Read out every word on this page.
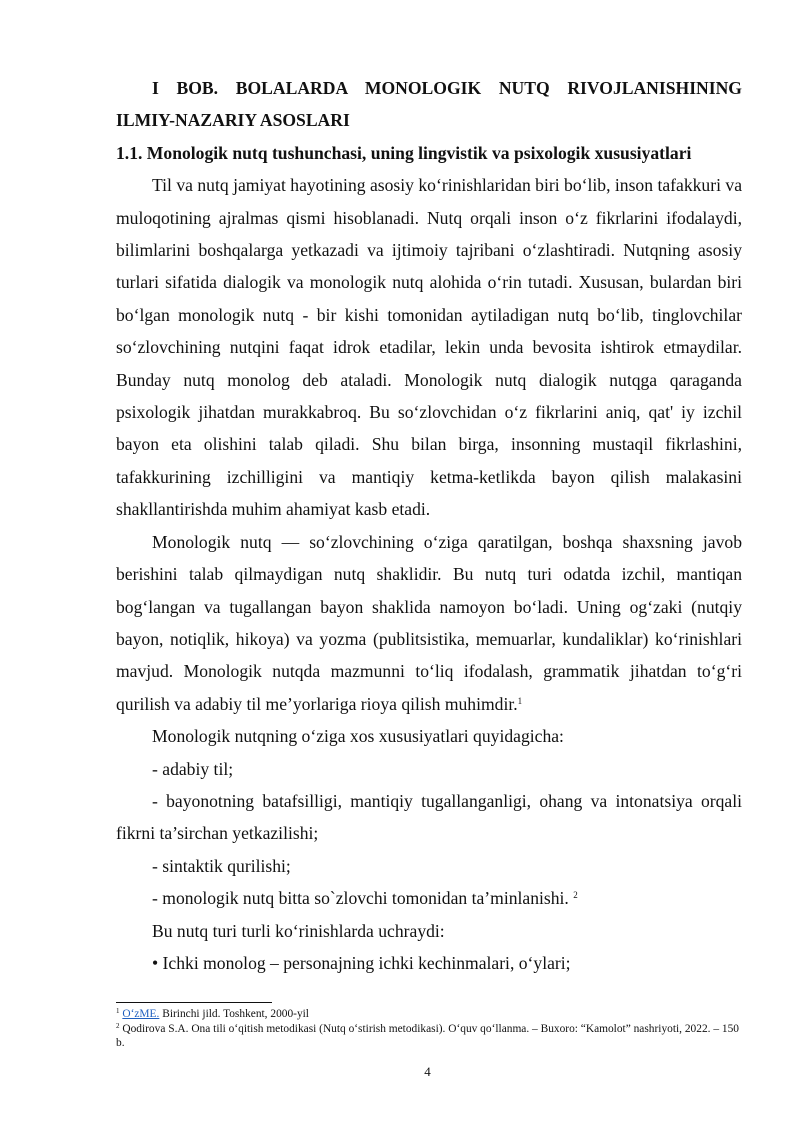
I BOB. BOLALARDA MONOLOGIK NUTQ RIVOJLANISHINING

ILMIY-NAZARIY ASOSLARI

1.1. Monologik nutq tushunchasi, uning lingvistik va psixologik xususiyatlari

Til va nutq jamiyat hayotining asosiy ko‘rinishlaridan biri bo‘lib, inson tafakkuri va muloqotining ajralmas qismi hisoblanadi. Nutq orqali inson o‘z fikrlarini ifodalaydi, bilimlarini boshqalarga yetkazadi va ijtimoiy tajribani o‘zlashtiradi. Nutqning asosiy turlari sifatida dialogik va monologik nutq alohida o‘rin tutadi. Xususan, bulardan biri bo‘lgan monologik nutq - bir kishi tomonidan aytiladigan nutq bo‘lib, tinglovchilar so‘zlovchining nutqini faqat idrok etadilar, lekin unda bevosita ishtirok etmaydilar. Bunday nutq monolog deb ataladi. Monologik nutq dialogik nutqga qaraganda psixologik jihatdan murakkabroq. Bu so‘zlovchidan o‘z fikrlarini aniq, qat' iy izchil bayon eta olishini talab qiladi. Shu bilan birga, insonning mustaqil fikrlashini, tafakkurining izchilligini va mantiqiy ketma-ketlikda bayon qilish malakasini shakllantirishda muhim ahamiyat kasb etadi.

Monologik nutq — so‘zlovchining o‘ziga qaratilgan, boshqa shaxsning javob berishini talab qilmaydigan nutq shaklidir. Bu nutq turi odatda izchil, mantiqan bog‘langan va tugallangan bayon shaklida namoyon bo‘ladi. Uning og‘zaki (nutqiy bayon, notiqlik, hikoya) va yozma (publitsistika, memuarlar, kundaliklar) ko‘rinishlari mavjud. Monologik nutqda mazmunni to‘liq ifodalash, grammatik jihatdan to‘g‘ri qurilish va adabiy til me’yorlariga rioya qilish muhimdir.$^1$

Monologik nutqning o‘ziga xos xususiyatlari quyidagicha:

- adabiy til;

- bayonotning batafsilligi, mantiqiy tugallanganligi, ohang va intonatsiya orqali fikrni ta’sirchan yetkazilishi;

- sintaktik qurilishi;

- monologik nutq bitta so`zlovchi tomonidan ta’minlanishi. $^2$

Bu nutq turi turli ko‘rinishlarda uchraydi:

• Ichki monolog – personajning ichki kechinmalari, o‘ylari;

$^1$ O‘zME. Birinchi jild. Toshkent, 2000-yil
$^2$ Qodirova S.A. Ona tili o‘qitish metodikasi (Nutq o‘stirish metodikasi). O‘quv qo‘llanma. – Buxoro: “Kamolot” nashriyoti, 2022. – 150 b.
4
